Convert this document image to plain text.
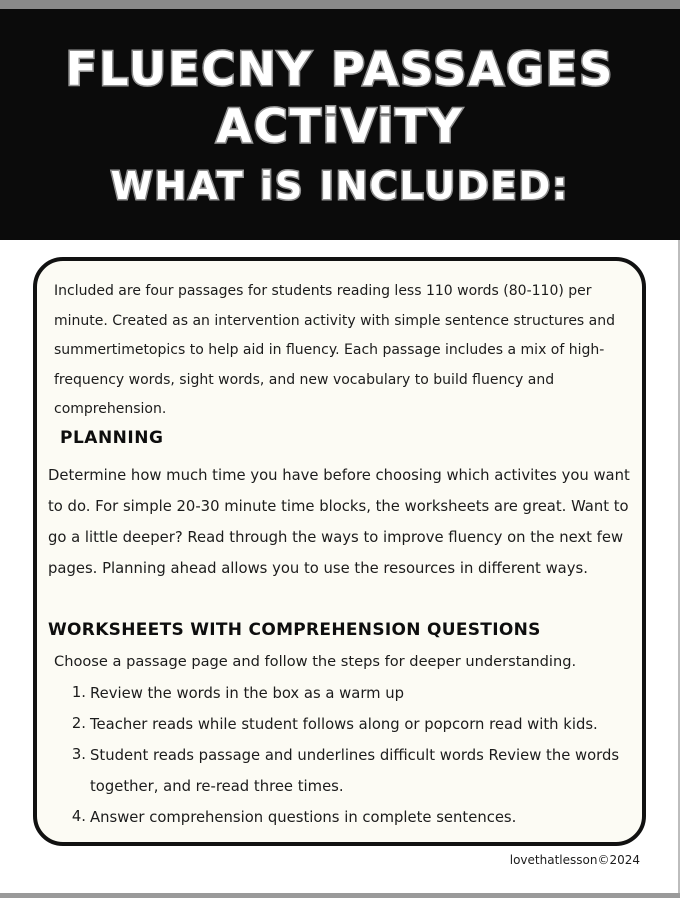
FLUECNY PASSAGES
ACTiViTY
WHAT iS INCLUDED:

Included are four passages for students reading less 110 words (80-110) per minute. Created as an intervention activity with simple sentence structures and summertimetopics to help aid in fluency. Each passage includes a mix of high-frequency words, sight words, and new vocabulary to build fluency and comprehension.

PLANNING

Determine how much time you have before choosing which activites you want to do. For simple 20-30 minute time blocks, the worksheets are great. Want to go a little deeper? Read through the ways to improve fluency on the next few pages. Planning ahead allows you to use the resources in different ways.

WORKSHEETS WITH COMPREHENSION QUESTIONS

Choose a passage page and follow the steps for deeper understanding.

1. Review the words in the box as a warm up
2. Teacher reads while student follows along or popcorn read with kids.
3. Student reads passage and underlines difficult words Review the words together, and re-read three times.
4. Answer comprehension questions in complete sentences.

lovethatlesson©2024
